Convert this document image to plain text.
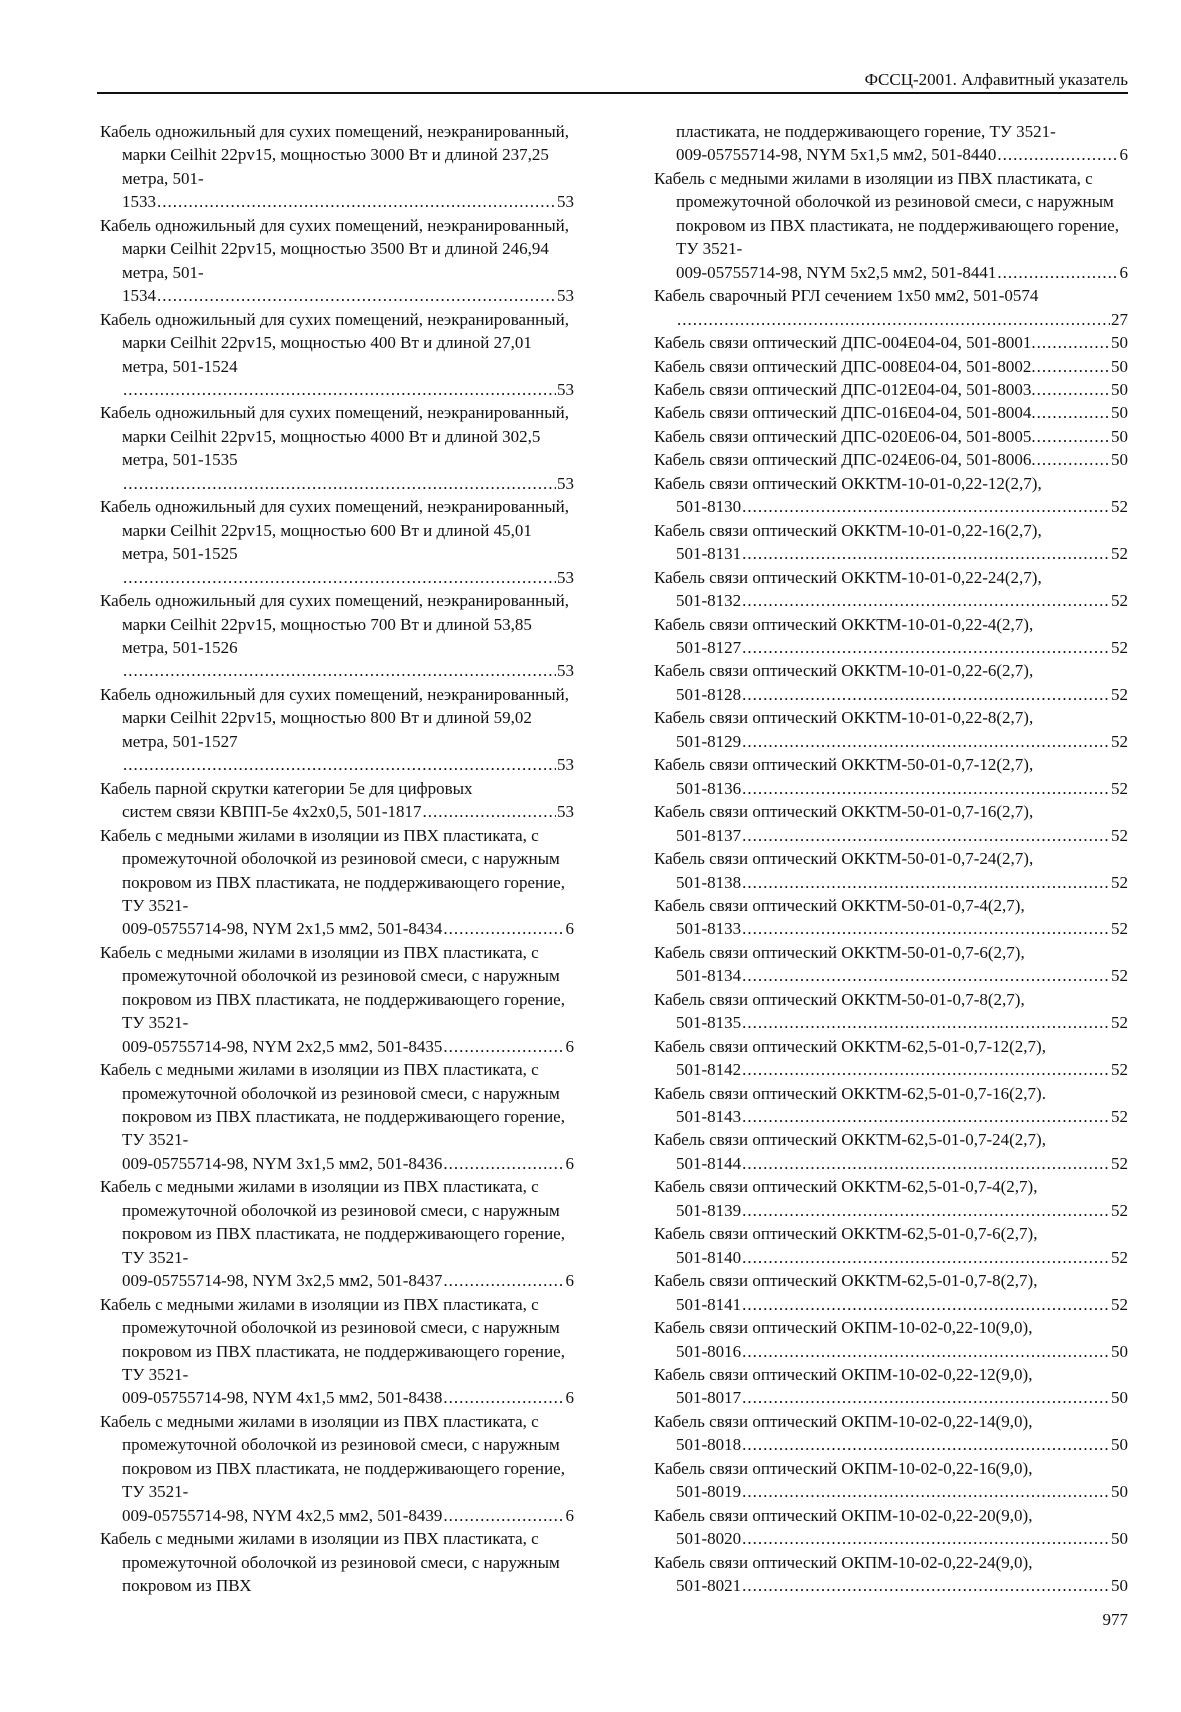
ФССЦ-2001. Алфавитный указатель
Кабель одножильный для сухих помещений, неэкранированный, марки Ceilhit 22pv15, мощностью 3000 Вт и длиной 237,25 метра, 501-
1533 .....	53
Кабель одножильный для сухих помещений, неэкранированный, марки Ceilhit 22pv15, мощностью 3500 Вт и длиной 246,94 метра, 501-
1534 .....	53
Кабель одножильный для сухих помещений, неэкранированный, марки Ceilhit 22pv15, мощностью 400 Вт и длиной 27,01 метра, 501-1524
.....
53
Кабель одножильный для сухих помещений, неэкранированный, марки Ceilhit 22pv15, мощностью 4000 Вт и длиной 302,5 метра, 501-1535
.....
53
Кабель одножильный для сухих помещений, неэкранированный, марки Ceilhit 22pv15, мощностью 600 Вт и длиной 45,01 метра, 501-1525
.....
53
Кабель одножильный для сухих помещений, неэкранированный, марки Ceilhit 22pv15, мощностью 700 Вт и длиной 53,85 метра, 501-1526
.....
53
Кабель одножильный для сухих помещений, неэкранированный, марки Ceilhit 22pv15, мощностью 800 Вт и длиной 59,02 метра, 501-1527
.....
53
Кабель парной скрутки категории 5е для цифровых
систем связи КВПП-5е 4х2х0,5, 501-1817 .....	53
Кабель с медными жилами в изоляции из ПВХ пластиката, с промежуточной оболочкой из резиновой смеси, с наружным покровом из ПВХ пластиката, не поддерживающего горение, ТУ 3521-
009-05755714-98, NYM 2х1,5 мм2, 501-8434 .....	6
Кабель с медными жилами в изоляции из ПВХ пластиката, с промежуточной оболочкой из резиновой смеси, с наружным покровом из ПВХ пластиката, не поддерживающего горение, ТУ 3521-
009-05755714-98, NYM 2х2,5 мм2, 501-8435 .....	6
Кабель с медными жилами в изоляции из ПВХ пластиката, с промежуточной оболочкой из резиновой смеси, с наружным покровом из ПВХ пластиката, не поддерживающего горение, ТУ 3521-
009-05755714-98, NYM 3х1,5 мм2, 501-8436 .....	6
Кабель с медными жилами в изоляции из ПВХ пластиката, с промежуточной оболочкой из резиновой смеси, с наружным покровом из ПВХ пластиката, не поддерживающего горение, ТУ 3521-
009-05755714-98, NYM 3х2,5 мм2, 501-8437 .....	6
Кабель с медными жилами в изоляции из ПВХ пластиката, с промежуточной оболочкой из резиновой смеси, с наружным покровом из ПВХ пластиката, не поддерживающего горение, ТУ 3521-
009-05755714-98, NYM 4х1,5 мм2, 501-8438 .....	6
Кабель с медными жилами в изоляции из ПВХ пластиката, с промежуточной оболочкой из резиновой смеси, с наружным покровом из ПВХ пластиката, не поддерживающего горение, ТУ 3521-
009-05755714-98, NYM 4х2,5 мм2, 501-8439 .....	6
Кабель с медными жилами в изоляции из ПВХ пластиката, с промежуточной оболочкой из резиновой смеси, с наружным покровом из ПВХ
пластиката, не поддерживающего горение, ТУ 3521-
009-05755714-98, NYM 5х1,5 мм2, 501-8440 .....	6
Кабель с медными жилами в изоляции из ПВХ пластиката, с промежуточной оболочкой из резиновой смеси, с наружным покровом из ПВХ пластиката, не поддерживающего горение, ТУ 3521-
009-05755714-98, NYM 5х2,5 мм2, 501-8441 .....	6
Кабель сварочный РГЛ сечением 1х50 мм2, 501-0574
.....
27
Кабель связи оптический ДПС-004Е04-04, 501-8001. .....	50
Кабель связи оптический ДПС-008Е04-04, 501-8002. .....	50
Кабель связи оптический ДПС-012Е04-04, 501-8003. .....	50
Кабель связи оптический ДПС-016Е04-04, 501-8004. .....	50
Кабель связи оптический ДПС-020Е06-04, 501-8005. .....	50
Кабель связи оптический ДПС-024Е06-04, 501-8006. .....	50
Кабель связи оптический ОККТМ-10-01-0,22-12(2,7),
501-8130 .....	52
Кабель связи оптический ОККТМ-10-01-0,22-16(2,7),
501-8131 .....	52
Кабель связи оптический ОККТМ-10-01-0,22-24(2,7),
501-8132 .....	52
Кабель связи оптический ОККТМ-10-01-0,22-4(2,7),
501-8127 .....	52
Кабель связи оптический ОККТМ-10-01-0,22-6(2,7),
501-8128 .....	52
Кабель связи оптический ОККТМ-10-01-0,22-8(2,7),
501-8129 .....	52
Кабель связи оптический ОККТМ-50-01-0,7-12(2,7),
501-8136 .....	52
Кабель связи оптический ОККТМ-50-01-0,7-16(2,7),
501-8137 .....	52
Кабель связи оптический ОККТМ-50-01-0,7-24(2,7),
501-8138 .....	52
Кабель связи оптический ОККТМ-50-01-0,7-4(2,7),
501-8133 .....	52
Кабель связи оптический ОККТМ-50-01-0,7-6(2,7),
501-8134 .....	52
Кабель связи оптический ОККТМ-50-01-0,7-8(2,7),
501-8135 .....	52
Кабель связи оптический ОККТМ-62,5-01-0,7-12(2,7),
501-8142 .....	52
Кабель связи оптический ОККТМ-62,5-01-0,7-16(2,7).
501-8143 .....	52
Кабель связи оптический ОККТМ-62,5-01-0,7-24(2,7),
501-8144 .....	52
Кабель связи оптический ОККТМ-62,5-01-0,7-4(2,7),
501-8139 .....	52
Кабель связи оптический ОККТМ-62,5-01-0,7-6(2,7),
501-8140 .....	52
Кабель связи оптический ОККТМ-62,5-01-0,7-8(2,7),
501-8141 .....	52
Кабель связи оптический ОКПМ-10-02-0,22-10(9,0),
501-8016 .....	50
Кабель связи оптический ОКПМ-10-02-0,22-12(9,0),
501-8017 .....	50
Кабель связи оптический ОКПМ-10-02-0,22-14(9,0),
501-8018 .....	50
Кабель связи оптический ОКПМ-10-02-0,22-16(9,0),
501-8019 .....	50
Кабель связи оптический ОКПМ-10-02-0,22-20(9,0),
501-8020 .....	50
Кабель связи оптический ОКПМ-10-02-0,22-24(9,0),
501-8021 .....	50
977
